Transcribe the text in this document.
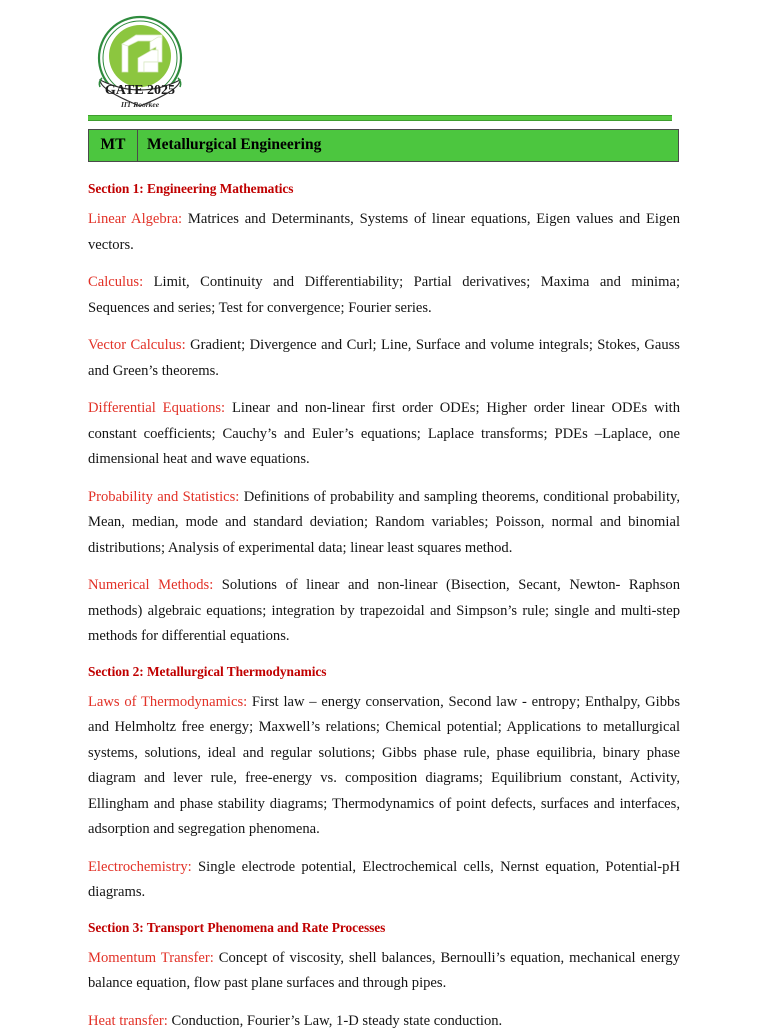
GATE 2025
IIT Roorkee
MT	Metallurgical Engineering
Section 1: Engineering Mathematics

Linear Algebra: Matrices and Determinants, Systems of linear equations, Eigen values and Eigen vectors.

Calculus: Limit, Continuity and Differentiability; Partial derivatives; Maxima and minima; Sequences and series; Test for convergence; Fourier series.

Vector Calculus: Gradient; Divergence and Curl; Line, Surface and volume integrals; Stokes, Gauss and Green’s theorems.

Differential Equations: Linear and non-linear first order ODEs; Higher order linear ODEs with constant coefficients; Cauchy’s and Euler’s equations; Laplace transforms; PDEs –Laplace, one dimensional heat and wave equations.

Probability and Statistics: Definitions of probability and sampling theorems, conditional probability, Mean, median, mode and standard deviation; Random variables; Poisson, normal and binomial distributions; Analysis of experimental data; linear least squares method.

Numerical Methods: Solutions of linear and non-linear (Bisection, Secant, Newton- Raphson methods) algebraic equations; integration by trapezoidal and Simpson’s rule; single and multi-step methods for differential equations.

Section 2: Metallurgical Thermodynamics

Laws of Thermodynamics: First law – energy conservation, Second law - entropy; Enthalpy, Gibbs and Helmholtz free energy; Maxwell’s relations; Chemical potential; Applications to metallurgical systems, solutions, ideal and regular solutions; Gibbs phase rule, phase equilibria, binary phase diagram and lever rule, free-energy vs. composition diagrams; Equilibrium constant, Activity, Ellingham and phase stability diagrams; Thermodynamics of point defects, surfaces and interfaces, adsorption and segregation phenomena.

Electrochemistry: Single electrode potential, Electrochemical cells, Nernst equation, Potential-pH diagrams.

Section 3: Transport Phenomena and Rate Processes

Momentum Transfer: Concept of viscosity, shell balances, Bernoulli’s equation, mechanical energy balance equation, flow past plane surfaces and through pipes.

Heat transfer: Conduction, Fourier’s Law, 1-D steady state conduction.
